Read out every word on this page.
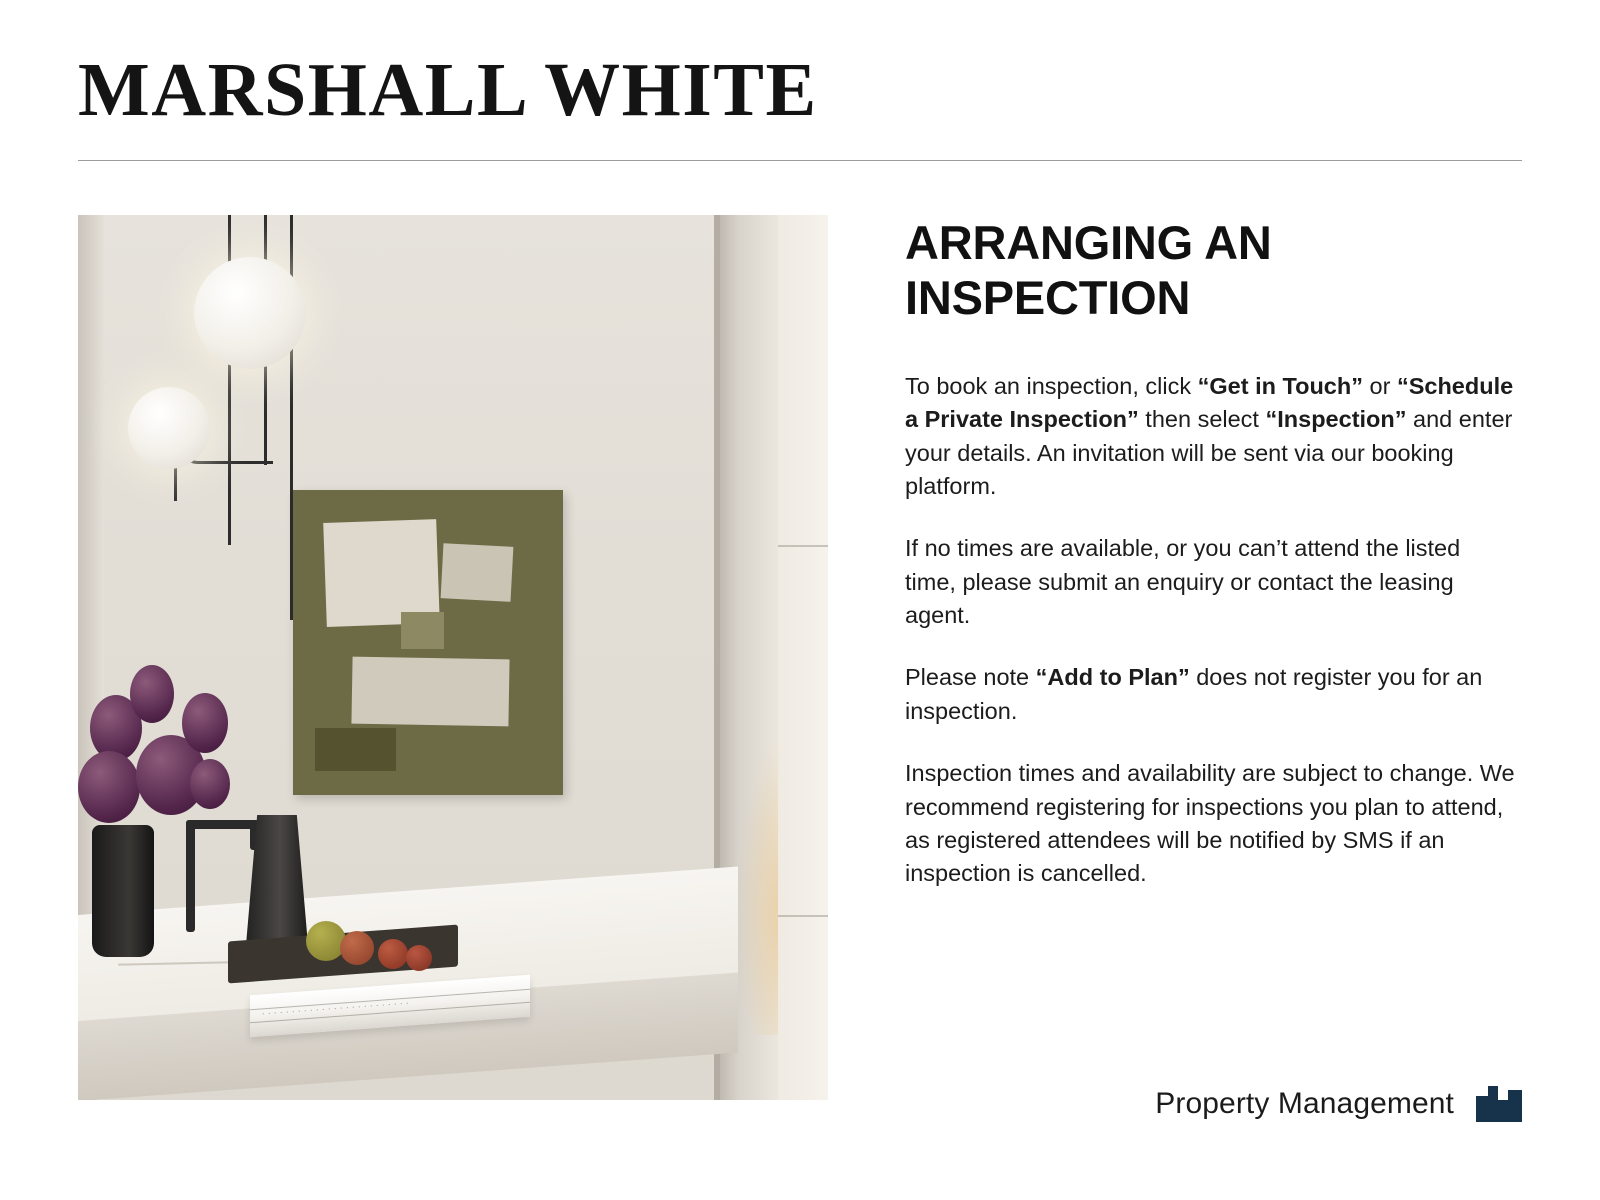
MARSHALL WHITE
. . . . . . . . . . . . . . . . . . . . . . . . .
ARRANGING AN INSPECTION

To book an inspection, click “Get in Touch” or “Schedule a Private Inspection” then select “Inspection” and enter your details. An invitation will be sent via our booking platform.

If no times are available, or you can’t attend the listed time, please submit an enquiry or contact the leasing agent.

Please note “Add to Plan” does not register you for an inspection.

Inspection times and availability are subject to change. We recommend registering for inspections you plan to attend, as registered attendees will be notified by SMS if an inspection is cancelled.

Property Management
